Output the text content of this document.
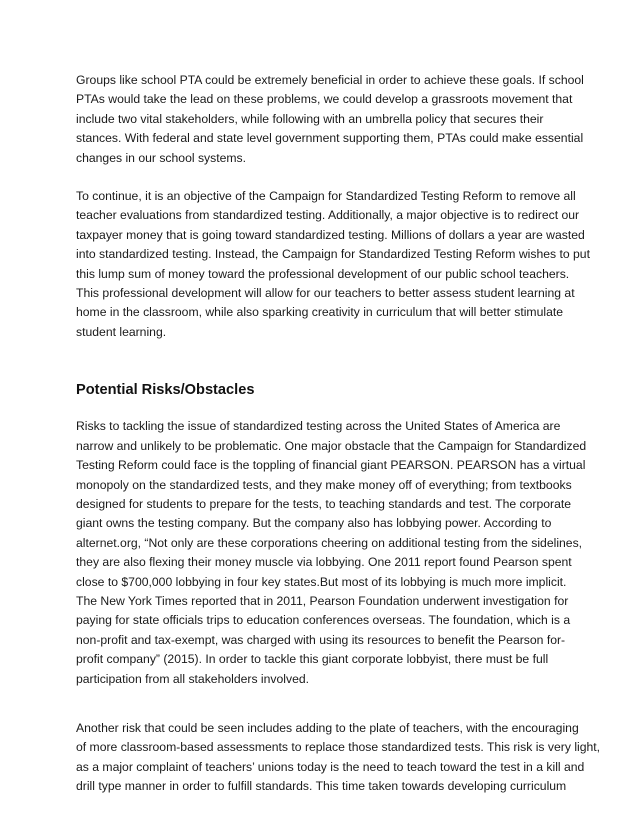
Groups like school PTA could be extremely beneficial in order to achieve these goals. If school
PTAs would take the lead on these problems, we could develop a grassroots movement that
include two vital stakeholders, while following with an umbrella policy that secures their
stances. With federal and state level government supporting them, PTAs could make essential
changes in our school systems.

To continue, it is an objective of the Campaign for Standardized Testing Reform to remove all
teacher evaluations from standardized testing. Additionally, a major objective is to redirect our
taxpayer money that is going toward standardized testing. Millions of dollars a year are wasted
into standardized testing. Instead, the Campaign for Standardized Testing Reform wishes to put
this lump sum of money toward the professional development of our public school teachers.
This professional development will allow for our teachers to better assess student learning at
home in the classroom, while also sparking creativity in curriculum that will better stimulate
student learning.

Potential Risks/Obstacles

Risks to tackling the issue of standardized testing across the United States of America are
narrow and unlikely to be problematic. One major obstacle that the Campaign for Standardized
Testing Reform could face is the toppling of financial giant PEARSON. PEARSON has a virtual
monopoly on the standardized tests, and they make money off of everything; from textbooks
designed for students to prepare for the tests, to teaching standards and test. The corporate
giant owns the testing company. But the company also has lobbying power. According to
alternet.org, “Not only are these corporations cheering on additional testing from the sidelines,
they are also flexing their money muscle via lobbying. One 2011 report found Pearson spent
close to $700,000 lobbying in four key states.But most of its lobbying is much more implicit.
The New York Times reported that in 2011, Pearson Foundation underwent investigation for
paying for state officials trips to education conferences overseas. The foundation, which is a
non-profit and tax-exempt, was charged with using its resources to benefit the Pearson for-
profit company” (2015). In order to tackle this giant corporate lobbyist, there must be full
participation from all stakeholders involved.

Another risk that could be seen includes adding to the plate of teachers, with the encouraging
of more classroom-based assessments to replace those standardized tests. This risk is very light,
as a major complaint of teachers’ unions today is the need to teach toward the test in a kill and
drill type manner in order to fulfill standards. This time taken towards developing curriculum
